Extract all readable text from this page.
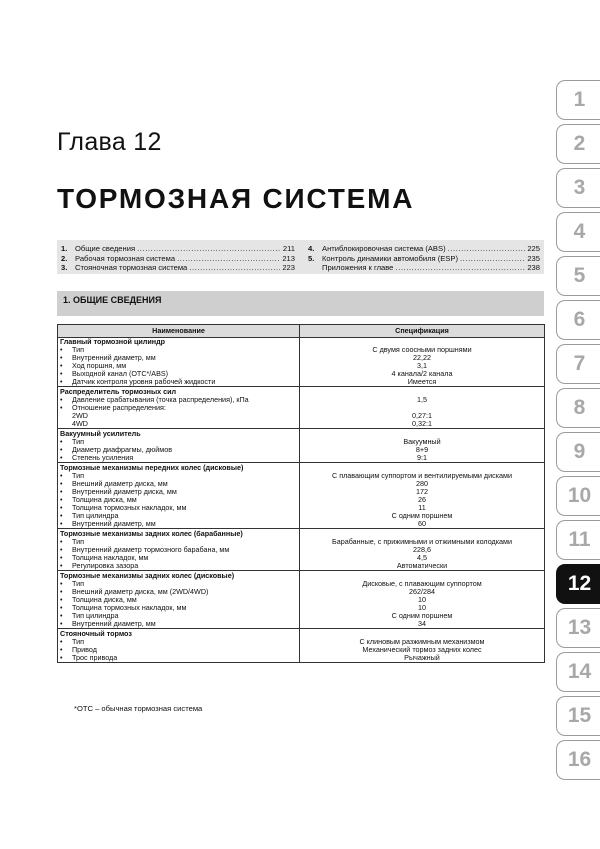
Глава 12
ТОРМОЗНАЯ СИСТЕМА
1.	Общие сведения .....	211
2.	Рабочая тормозная система .....	213
3.	Стояночная тормозная система .....	223
4.	Антиблокировочная система (ABS) .....	225
5.	Контроль динамики автомобиля (ESP) .....	235
Приложения к главе .....	238
1. ОБЩИЕ СВЕДЕНИЯ
Наименование	Спецификация
Главный тормозной цилиндр	
• Тип	С двумя соосными поршнями
• Внутренний диаметр, мм	22,22
• Ход поршня, мм	3,1
• Выходной канал (ОТС*/ABS)	4 канала/2 канала
• Датчик контроля уровня рабочей жидкости	Имеется

Распределитель тормозных сил	
• Давление срабатывания (точка распределения), кПа	1,5
• Отношение распределения:	
2WD	0,27:1
4WD	0,32:1

Вакуумный усилитель	
• Тип	Вакуумный
• Диаметр диафрагмы, дюймов	8+9
• Степень усиления	9:1

Тормозные механизмы передних колес (дисковые)	
• Тип	С плавающим суппортом и вентилируемыми дисками
• Внешний диаметр диска, мм	280
• Внутренний диаметр диска, мм	172
• Толщина диска, мм	26
• Толщина тормозных накладок, мм	11
• Тип цилиндра	С одним поршнем
• Внутренний диаметр, мм	60

Тормозные механизмы задних колес (барабанные)	
• Тип	Барабанные, с прижимными и отжимными колодками
• Внутренний диаметр тормозного барабана, мм	228,6
• Толщина накладок, мм	4,5
• Регулировка зазора	Автоматически

Тормозные механизмы задних колес (дисковые)	
• Тип	Дисковые, с плавающим суппортом
• Внешний диаметр диска, мм (2WD/4WD)	262/284
• Толщина диска, мм	10
• Толщина тормозных накладок, мм	10
• Тип цилиндра	С одним поршнем
• Внутренний диаметр, мм	34

Стояночный тормоз	
• Тип	С клиновым разжимным механизмом
• Привод	Механический тормоз задних колес
• Трос привода	Рычажный
*ОТС – обычная тормозная система
1
2
3
4
5
6
7
8
9
10
11
12
13
14
15
16
